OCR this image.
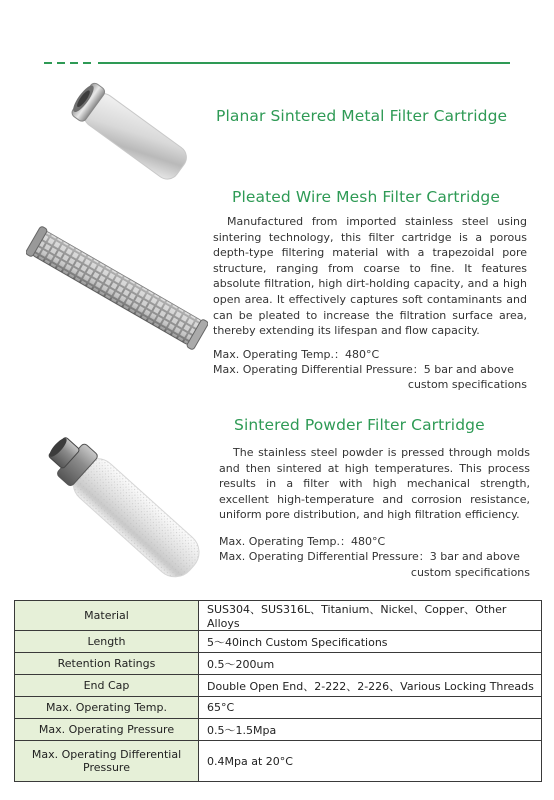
Planar Sintered Metal Filter Cartridge
Pleated Wire Mesh Filter Cartridge
Manufactured from imported stainless steel using sintering technology, this filter cartridge is a porous depth-type filtering material with a trapezoidal pore structure, ranging from coarse to fine. It features absolute filtration, high dirt-holding capacity, and a high open area. It effectively captures soft contaminants and can be pleated to increase the filtration surface area, thereby extending its lifespan and flow capacity.
Max. Operating Temp.：480°C
Max. Operating Differential Pressure：5 bar and above
custom specifications
Sintered Powder Filter Cartridge
The stainless steel powder is pressed through molds and then sintered at high temperatures. This process results in a filter with high mechanical strength, excellent high-temperature and corrosion resistance, uniform pore distribution, and high filtration efficiency.
Max. Operating Temp.：480°C
Max. Operating Differential Pressure：3 bar and above
custom specifications
Material	SUS304、SUS316L、Titanium、Nickel、Copper、Other Alloys
Length	5～40inch Custom Specifications
Retention Ratings	0.5～200um
End Cap	Double Open End、2-222、2-226、Various Locking Threads
Max. Operating Temp.	65°C
Max. Operating Pressure	0.5～1.5Mpa
Max. Operating Differential Pressure	0.4Mpa at 20°C
